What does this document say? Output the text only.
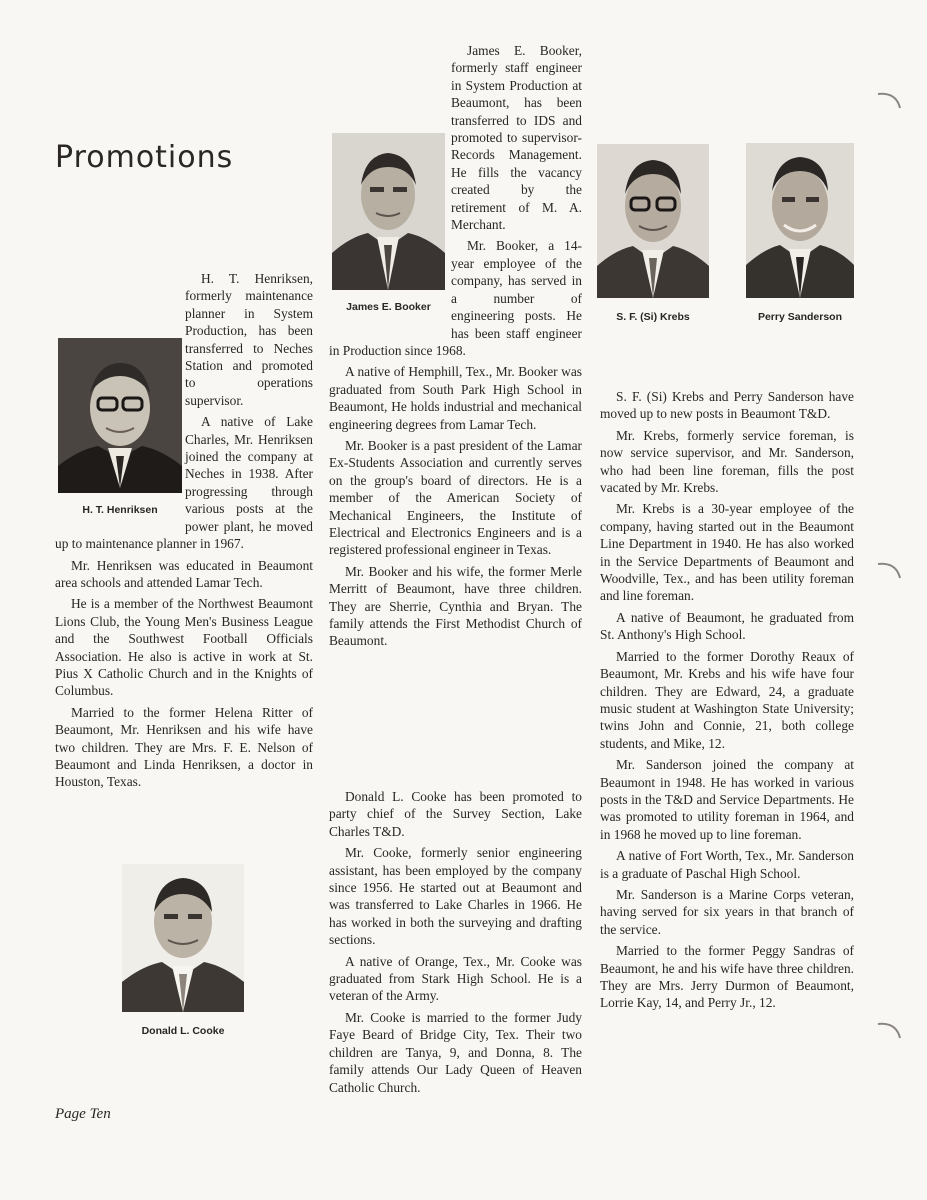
Promotions

H. T. Henriksen, formerly maintenance planner in System Production, has been transferred to Neches Station and promoted to operations supervisor.

A native of Lake Charles, Mr. Henriksen joined the company at Neches in 1938. After progressing through various posts at the power plant, he moved up to maintenance planner in 1967.

Mr. Henriksen was educated in Beaumont area schools and attended Lamar Tech.

He is a member of the Northwest Beaumont Lions Club, the Young Men's Business League and the Southwest Football Officials Association. He also is active in work at St. Pius X Catholic Church and in the Knights of Columbus.

Married to the former Helena Ritter of Beaumont, Mr. Henriksen and his wife have two children. They are Mrs. F. E. Nelson of Beaumont and Linda Henriksen, a doctor in Houston, Texas.

James E. Booker, formerly staff engineer in System Production at Beaumont, has been transferred to IDS and promoted to supervisor-Records Management. He fills the vacancy created by the retirement of M. A. Merchant.

Mr. Booker, a 14-year employee of the company, has served in a number of engineering posts. He has been staff engineer in Production since 1968.

A native of Hemphill, Tex., Mr. Booker was graduated from South Park High School in Beaumont, He holds industrial and mechanical engineering degrees from Lamar Tech.

Mr. Booker is a past president of the Lamar Ex-Students Association and currently serves on the group's board of directors. He is a member of the American Society of Mechanical Engineers, the Institute of Electrical and Electronics Engineers and is a registered professional engineer in Texas.

Mr. Booker and his wife, the former Merle Merritt of Beaumont, have three children. They are Sherrie, Cynthia and Bryan. The family attends the First Methodist Church of Beaumont.

Donald L. Cooke has been promoted to party chief of the Survey Section, Lake Charles T&D.

Mr. Cooke, formerly senior engineering assistant, has been employed by the company since 1956. He started out at Beaumont and was transferred to Lake Charles in 1966. He has worked in both the surveying and drafting sections.

A native of Orange, Tex., Mr. Cooke was graduated from Stark High School. He is a veteran of the Army.

Mr. Cooke is married to the former Judy Faye Beard of Bridge City, Tex. Their two children are Tanya, 9, and Donna, 8. The family attends Our Lady Queen of Heaven Catholic Church.

S. F. (Si) Krebs and Perry Sanderson have moved up to new posts in Beaumont T&D.

Mr. Krebs, formerly service foreman, is now service supervisor, and Mr. Sanderson, who had been line foreman, fills the post vacated by Mr. Krebs.

Mr. Krebs is a 30-year employee of the company, having started out in the Beaumont Line Department in 1940. He has also worked in the Service Departments of Beaumont and Woodville, Tex., and has been utility foreman and line foreman.

A native of Beaumont, he graduated from St. Anthony's High School.

Married to the former Dorothy Reaux of Beaumont, Mr. Krebs and his wife have four children. They are Edward, 24, a graduate music student at Washington State University; twins John and Connie, 21, both college students, and Mike, 12.

Mr. Sanderson joined the company at Beaumont in 1948. He has worked in various posts in the T&D and Service Departments. He was promoted to utility foreman in 1964, and in 1968 he moved up to line foreman.

A native of Fort Worth, Tex., Mr. Sanderson is a graduate of Paschal High School.

Mr. Sanderson is a Marine Corps veteran, having served for six years in that branch of the service.

Married to the former Peggy Sandras of Beaumont, he and his wife have three children. They are Mrs. Jerry Durmon of Beaumont, Lorrie Kay, 14, and Perry Jr., 12.

H. T. Henriksen
James E. Booker
Donald L. Cooke
S. F. (Si) Krebs	Perry Sanderson
Page Ten
